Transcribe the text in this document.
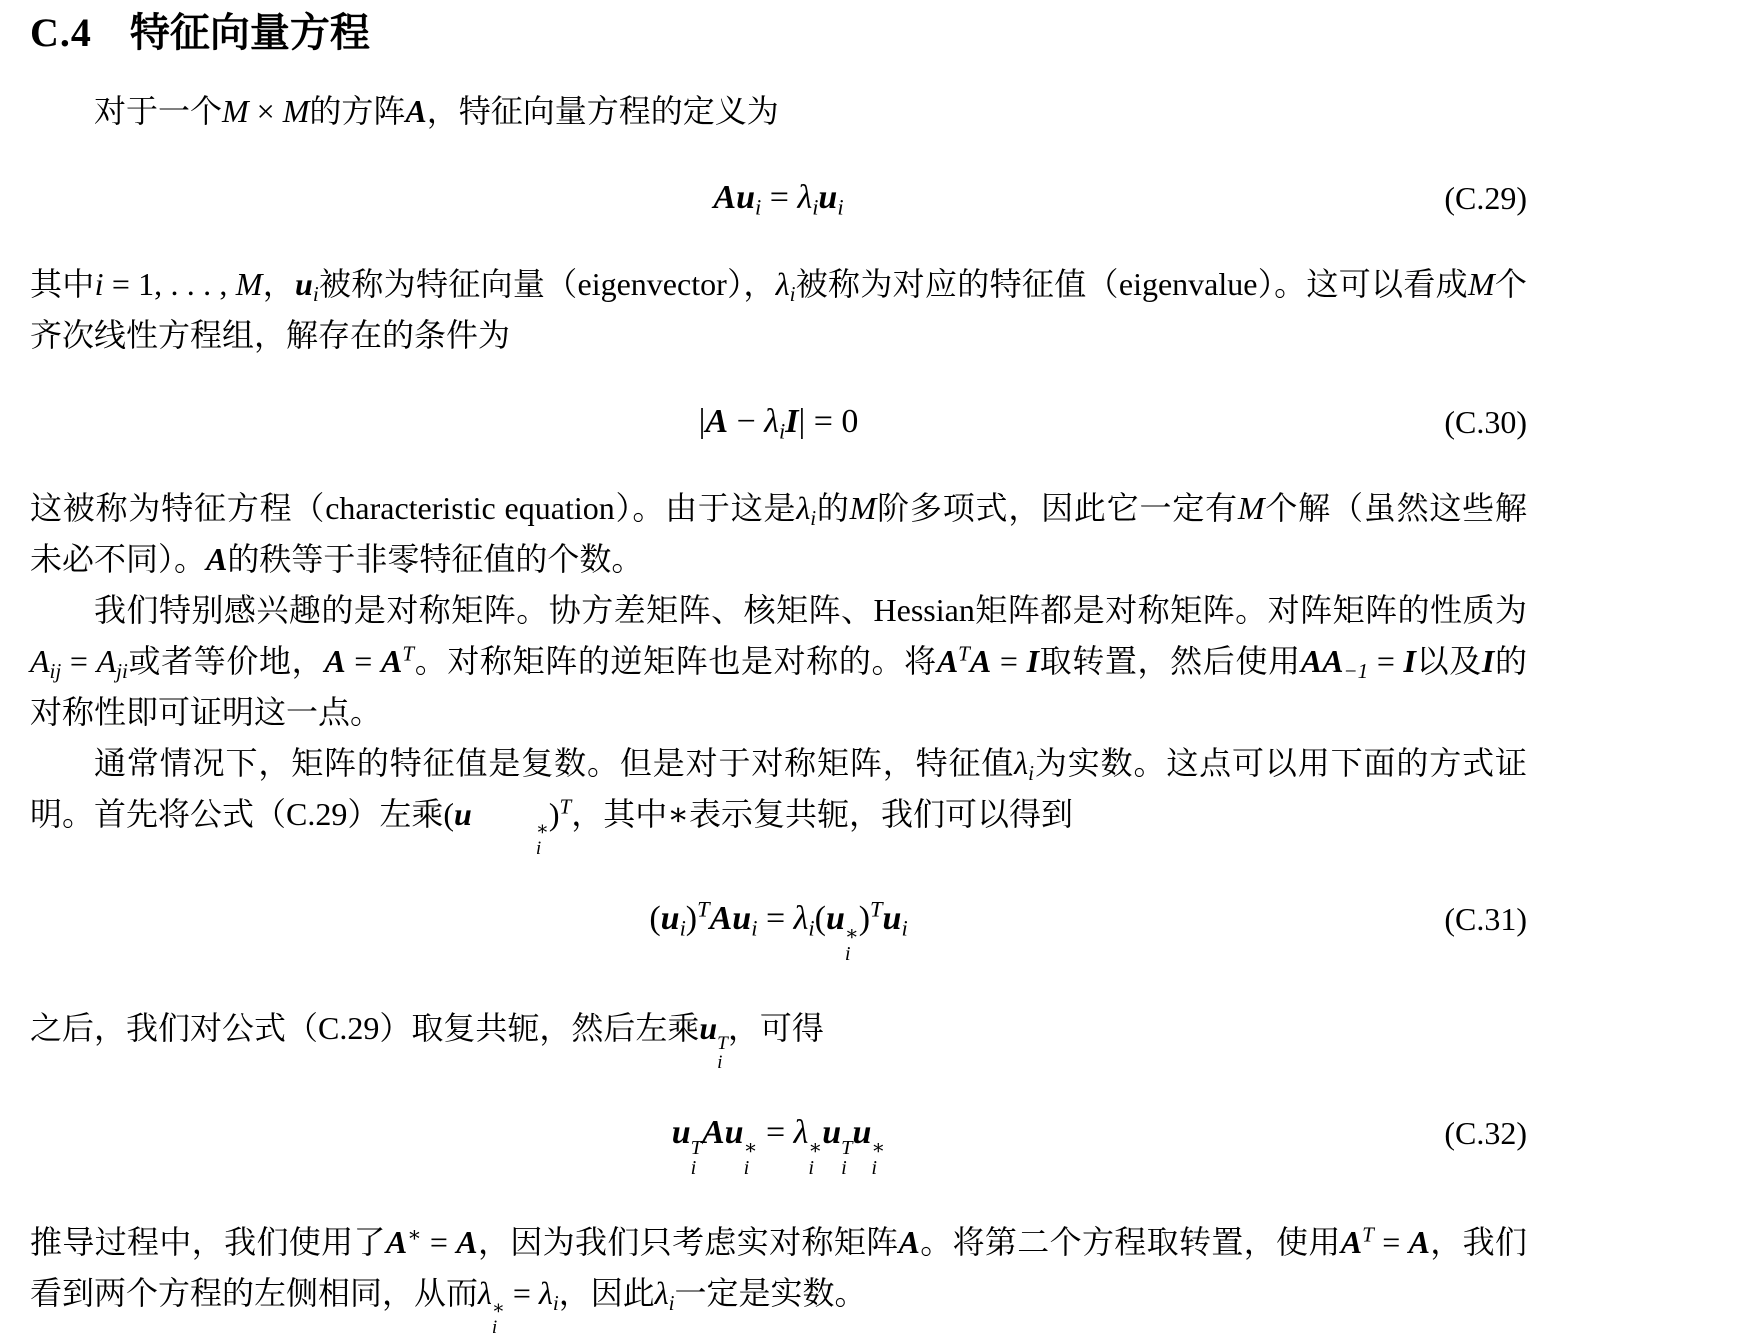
C.4 特征向量方程

对于一个M × M的方阵A，特征向量方程的定义为

Aui = λiui	(C.29)

其中i = 1, . . . , M，ui被称为特征向量（eigenvector），λi被称为对应的特征值（eigenvalue）。这可以看成M个齐次线性方程组，解存在的条件为

|A − λiI| = 0	(C.30)

这被称为特征方程（characteristic equation）。由于这是λi的M阶多项式，因此它一定有M个解（虽然这些解未必不同）。A的秩等于非零特征值的个数。

我们特别感兴趣的是对称矩阵。协方差矩阵、核矩阵、Hessian矩阵都是对称矩阵。对阵矩阵的性质为Aij = Aji或者等价地，$A = A^T$。对称矩阵的逆矩阵也是对称的。将$A^TA = I$取转置，然后使用AA−1 = I以及I的对称性即可证明这一点。

通常情况下，矩阵的特征值是复数。但是对于对称矩阵，特征值λi为实数。这点可以用下面的方式证明。首先将公式（C.29）左乘(u	∗
i
)$^T$，其中∗表示复共轭，我们可以得到

(ui)$^T$Aui = λi(u ∗
i
)$^T$ui	(C.31)

之后，我们对公式（C.29）取复共轭，然后左乘u T
i
，可得

u T
i
Au ∗
i
= λ ∗
i
u T
i
u ∗
i
(C.32)

推导过程中，我们使用了A∗ = A，因为我们只考虑实对称矩阵A。将第二个方程取转置，使用$A^T = A$，我们看到两个方程的左侧相同，从而λ ∗
i
= λi，因此λi一定是实数。
